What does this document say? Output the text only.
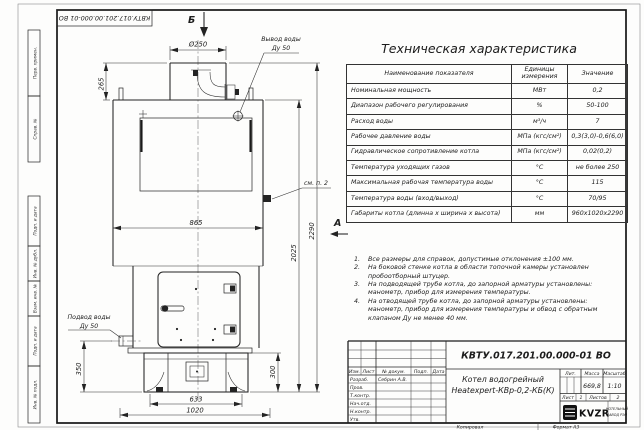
Перв. примен.
Справ. №
Подп. и дата
Инв. № дубл.
Взам. инв. №
Подп. и дата
Инв. № подл.
КВТУ.017.201.00.000-01 ВО	Б
Ø250
265
865
2025
2290
350	300
633
1020
Вывод воды
Ду 50
Подвод воды
Ду 50
см. п. 2
А
КВТУ.017.201.00.000-01 ВО
Котел водогрейный
Heatexpert-КВр-0,2-КБ(К)
Изм. Лист № докум. Подп. Дата
Разраб. Себрин А.В.
Пров.
Т.контр.
Нач.отд.
Н.контр.
Утв.
Лит. Масса Масштаб
669,8 1:10
Лист 1 Листов 2
KVZR
КОТЕЛЬНЫЙ
ЗАВОД РЭП
Копировал	Формат А3
Техническая характеристика
Наименование показателя	Единицы измерения	Значение
Номинальная мощность	МВт	0,2
Диапазон рабочего регулирования	%	50-100
Расход воды	м³/ч	7
Рабочее давление воды	МПа (кгс/см²)	0,3(3,0)-0,6(6,0)
Гидравлическое сопротивление котла	МПа (кгс/см²)	0,02(0,2)
Температура уходящих газов	°С	не более 250
Максимальная рабочая температура воды	°С	115
Температура воды (вход/выход)	°С	70/95
Габариты котла (длинна х ширина х высота)	мм	960х1020х2290
1.	Все размеры для справок, допустимые отклонения ±100 мм.
2.	На боковой стенке котла в области топочной камеры установлен пробоотборный штуцер.
3.	На подводящей трубе котла, до запорной арматуры установлены: манометр, прибор для измерения температуры.
4.	На отводящей трубе котла, до запорной арматуры установлены: манометр, прибор для измерения температуры и обвод с обратным клапаном Ду не менее 40 мм.
